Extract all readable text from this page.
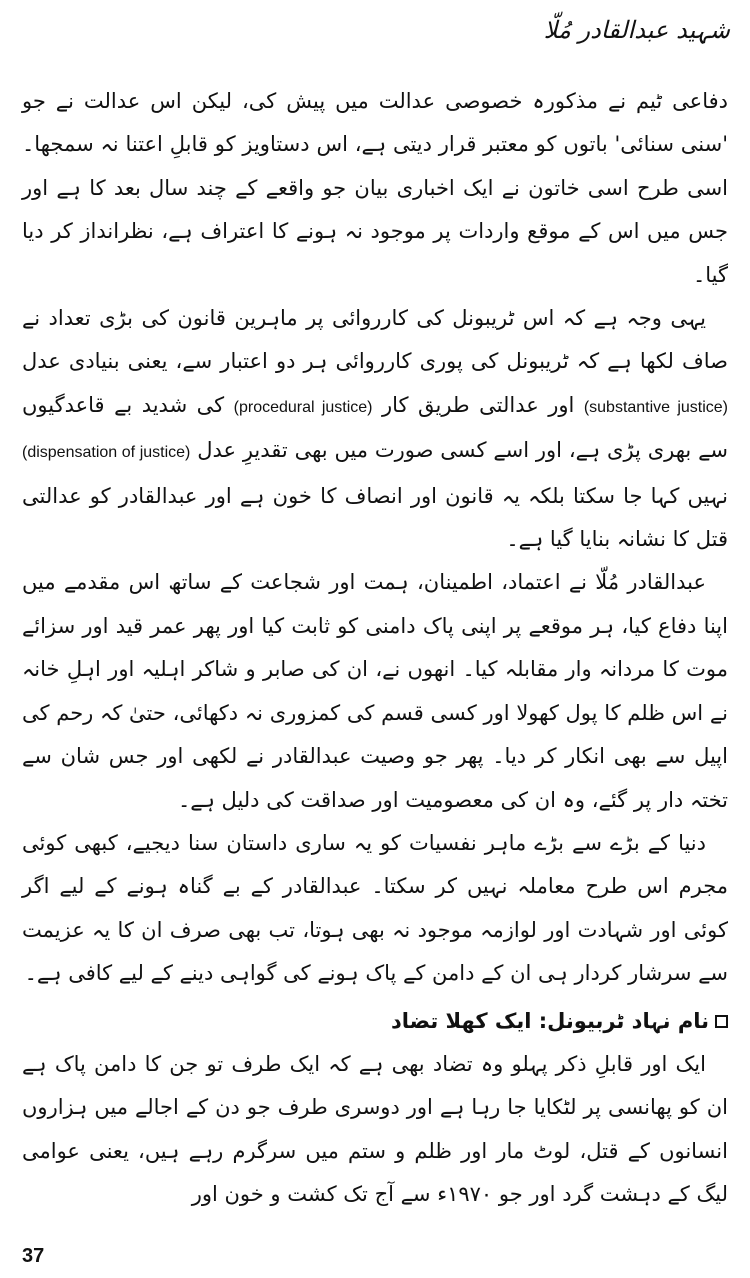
شہید عبدالقادر مُلّا

دفاعی ٹیم نے مذکورہ خصوصی عدالت میں پیش کی، لیکن اس عدالت نے جو 'سنی سنائی' باتوں کو معتبر قرار دیتی ہے، اس دستاویز کو قابلِ اعتنا نہ سمجھا۔ اسی طرح اسی خاتون نے ایک اخباری بیان جو واقعے کے چند سال بعد کا ہے اور جس میں اس کے موقع واردات پر موجود نہ ہونے کا اعتراف ہے، نظرانداز کر دیا گیا۔

یہی وجہ ہے کہ اس ٹریبونل کی کارروائی پر ماہرین قانون کی بڑی تعداد نے صاف لکھا ہے کہ ٹریبونل کی پوری کارروائی ہر دو اعتبار سے، یعنی بنیادی عدل (substantive justice) اور عدالتی طریق کار (procedural justice) کی شدید بے قاعدگیوں سے بھری پڑی ہے، اور اسے کسی صورت میں بھی تقدیرِ عدل (dispensation of justice) نہیں کہا جا سکتا بلکہ یہ قانون اور انصاف کا خون ہے اور عبدالقادر کو عدالتی قتل کا نشانہ بنایا گیا ہے۔

عبدالقادر مُلّا نے اعتماد، اطمینان، ہمت اور شجاعت کے ساتھ اس مقدمے میں اپنا دفاع کیا، ہر موقعے پر اپنی پاک دامنی کو ثابت کیا اور پھر عمر قید اور سزائے موت کا مردانہ وار مقابلہ کیا۔ انھوں نے، ان کی صابر و شاکر اہلیہ اور اہلِ خانہ نے اس ظلم کا پول کھولا اور کسی قسم کی کمزوری نہ دکھائی، حتیٰ کہ رحم کی اپیل سے بھی انکار کر دیا۔ پھر جو وصیت عبدالقادر نے لکھی اور جس شان سے تختہ دار پر گئے، وہ ان کی معصومیت اور صداقت کی دلیل ہے۔

دنیا کے بڑے سے بڑے ماہر نفسیات کو یہ ساری داستان سنا دیجیے، کبھی کوئی مجرم اس طرح معاملہ نہیں کر سکتا۔ عبدالقادر کے بے گناہ ہونے کے لیے اگر کوئی اور شہادت اور لوازمہ موجود نہ بھی ہوتا، تب بھی صرف ان کا یہ عزیمت سے سرشار کردار ہی ان کے دامن کے پاک ہونے کی گواہی دینے کے لیے کافی ہے۔

نام نہاد ٹربیونل: ایک کھلا تضاد

ایک اور قابلِ ذکر پہلو وہ تضاد بھی ہے کہ ایک طرف تو جن کا دامن پاک ہے ان کو پھانسی پر لٹکایا جا رہا ہے اور دوسری طرف جو دن کے اجالے میں ہزاروں انسانوں کے قتل، لوٹ مار اور ظلم و ستم میں سرگرم رہے ہیں، یعنی عوامی لیگ کے دہشت گرد اور جو ۱۹۷۰ء سے آج تک کشت و خون اور

37
